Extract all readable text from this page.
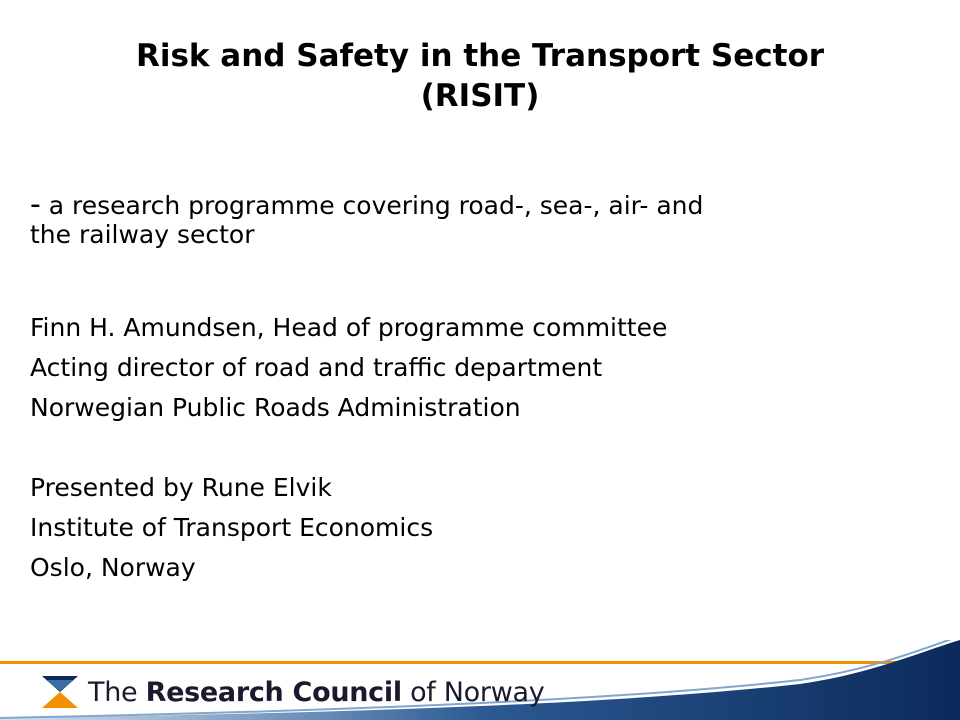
Risk and Safety in the Transport Sector
(RISIT)
- a research programme covering road-, sea-, air- and
the railway sector
Finn H. Amundsen, Head of programme committee
Acting director of road and traffic department
Norwegian Public Roads Administration
Presented by Rune Elvik
Institute of Transport Economics
Oslo, Norway
The Research Council of Norway
